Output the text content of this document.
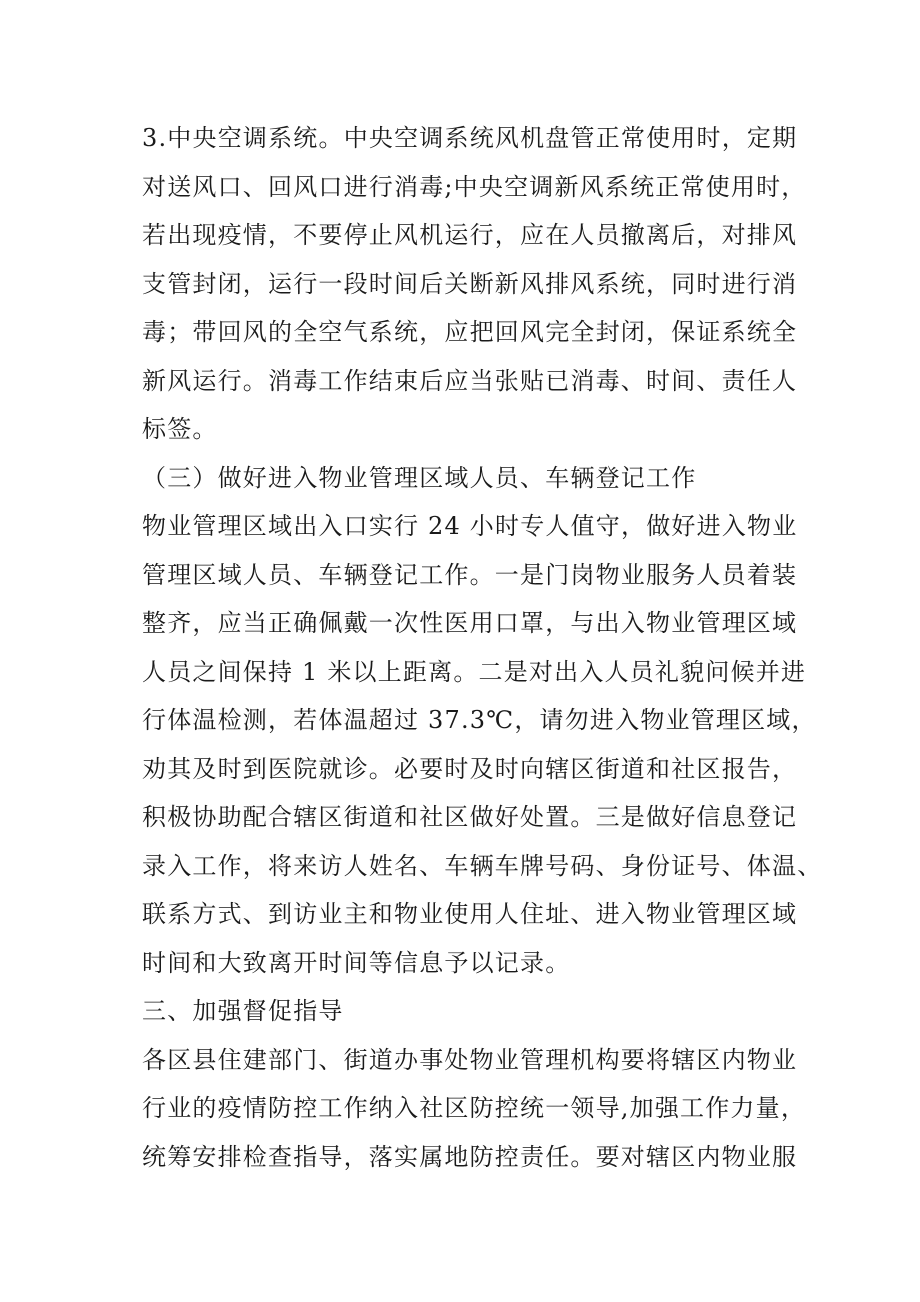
3.中央空调系统。中央空调系统风机盘管正常使用时，定期
对送风口、回风口进行消毒;中央空调新风系统正常使用时，
若出现疫情，不要停止风机运行，应在人员撤离后，对排风
支管封闭，运行一段时间后关断新风排风系统，同时进行消
毒；带回风的全空气系统，应把回风完全封闭，保证系统全
新风运行。消毒工作结束后应当张贴已消毒、时间、责任人
标签。
（三）做好进入物业管理区域人员、车辆登记工作
物业管理区域出入口实行 24 小时专人值守，做好进入物业
管理区域人员、车辆登记工作。一是门岗物业服务人员着装
整齐，应当正确佩戴一次性医用口罩，与出入物业管理区域
人员之间保持 1 米以上距离。二是对出入人员礼貌问候并进
行体温检测，若体温超过 37.3℃，请勿进入物业管理区域，
劝其及时到医院就诊。必要时及时向辖区街道和社区报告，
积极协助配合辖区街道和社区做好处置。三是做好信息登记
录入工作，将来访人姓名、车辆车牌号码、身份证号、体温、
联系方式、到访业主和物业使用人住址、进入物业管理区域
时间和大致离开时间等信息予以记录。
三、加强督促指导
各区县住建部门、街道办事处物业管理机构要将辖区内物业
行业的疫情防控工作纳入社区防控统一领导,加强工作力量，
统筹安排检查指导，落实属地防控责任。要对辖区内物业服
